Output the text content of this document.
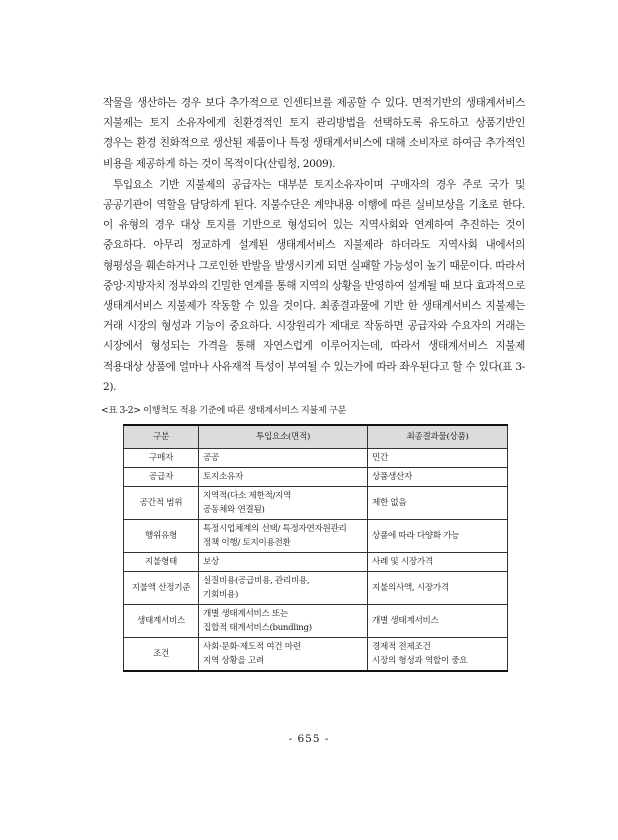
작물을 생산하는 경우 보다 추가적으로 인센티브를 제공할 수 있다. 면적기반의 생태계서비스 지불제는 토지 소유자에게 친환경적인 토지 관리방법을 선택하도록 유도하고 상품기반인 경우는 환경 친화적으로 생산된 제품이나 특정 생태계서비스에 대해 소비자로 하여금 추가적인 비용을 제공하게 하는 것이 목적이다(산림청, 2009).

투입요소 기반 지불제의 공급자는 대부분 토지소유자이며 구매자의 경우 주로 국가 및 공공기관이 역할을 담당하게 된다. 지불수단은 계약내용 이행에 따른 실비보상을 기초로 한다. 이 유형의 경우 대상 토지를 기반으로 형성되어 있는 지역사회와 연계하여 추진하는 것이 중요하다. 아무리 정교하게 설계된 생태계서비스 지불제라 하더라도 지역사회 내에서의 형평성을 훼손하거나 그로인한 반발을 발생시키게 되면 실패할 가능성이 높기 때문이다. 따라서 중앙·지방자치 정부와의 긴밀한 연계를 통해 지역의 상황을 반영하여 설계될 때 보다 효과적으로 생태계서비스 지불제가 작동할 수 있을 것이다. 최종결과물에 기반 한 생태계서비스 지불제는 거래 시장의 형성과 기능이 중요하다. 시장원리가 제대로 작동하면 공급자와 수요자의 거래는 시장에서 형성되는 가격을 통해 자연스럽게 이루어지는데, 따라서 생태계서비스 지불제 적용대상 상품에 얼마나 사유재적 특성이 부여될 수 있는가에 따라 좌우된다고 할 수 있다(표 3-2).

<표 3-2> 이행척도 적용 기준에 따른 생태계서비스 지불제 구분
구분	투입요소(면적)	최종결과물(상품)
구매자	공공	민간
공급자	토지소유자	상품생산자
공간적 범위	지역적(다소 제한적/지역
공동체와 연결됨)	제한 없음
행위유형	특정시업체계의 선택/ 특정자연자원관리
정책 이행/ 토지이용전환	상품에 따라 다양화 가능
지불형태	보상	사례 및 시장가격
지불액 산정기준	실질비용(공급비용, 관리비용,
기회비용)	지불의사액, 시장가격
생태계서비스	개별 생태계서비스 또는
집합적 태계서비스(bundling)	개별 생태계서비스
조건	사회·문화·제도적 여건 마련
지역 상황을 고려	경제적 전제조건
시장의 형성과 역할이 중요
- 655 -
